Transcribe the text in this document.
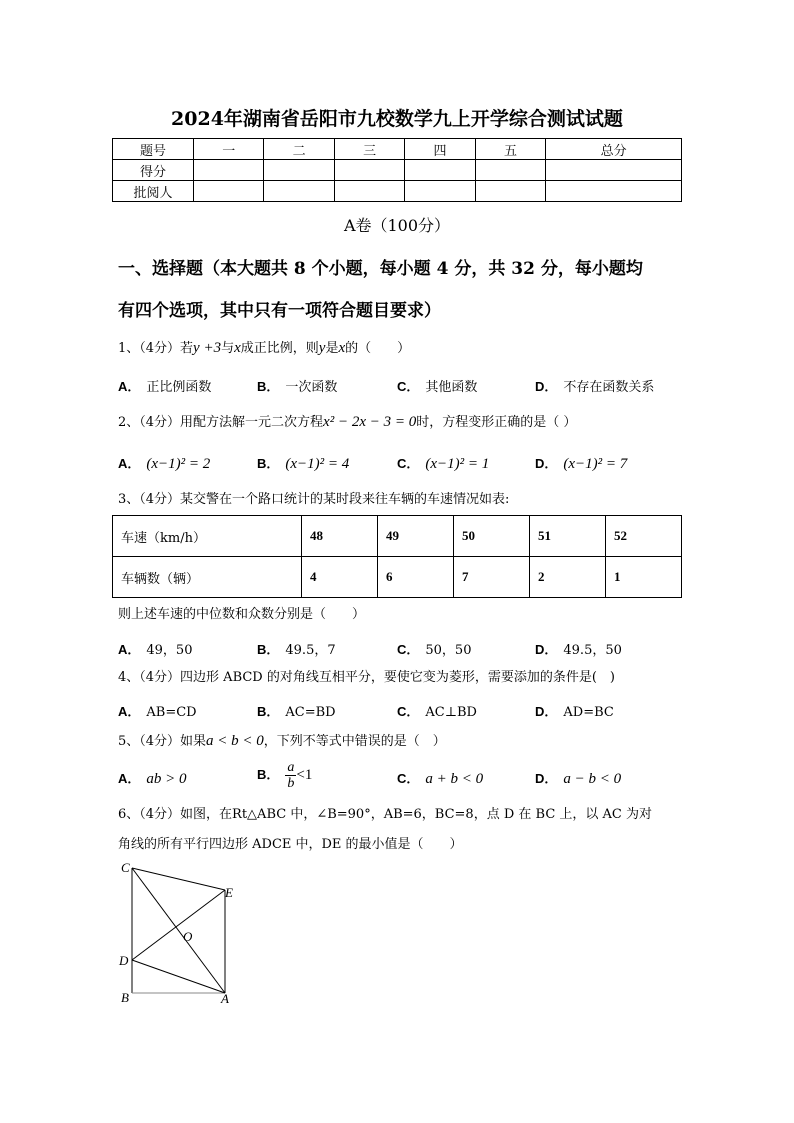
2024年湖南省岳阳市九校数学九上开学综合测试试题
题号	一	二	三	四	五	总分
得分						
批阅人						
A卷（100分）
一、选择题（本大题共 8 个小题，每小题 4 分，共 32 分，每小题均
有四个选项，其中只有一项符合题目要求）
1、（4分）若y +3与x成正比例，则y是x的（　　）
A． 正比例函数	B． 一次函数	C． 其他函数	D． 不存在函数关系
2、（4分）用配方法解一元二次方程x² − 2x − 3 = 0时，方程变形正确的是（ ）
A． (x−1)² = 2	B． (x−1)² = 4	C． (x−1)² = 1	D． (x−1)² = 7
3、（4分）某交警在一个路口统计的某时段来往车辆的车速情况如表:
车速（km/h）	48	49	50	51	52
车辆数（辆）	4	6	7	2	1
则上述车速的中位数和众数分别是（　　）
A． 49，50	B． 49.5，7	C． 50，50	D． 49.5，50
4、（4分）四边形 ABCD 的对角线互相平分，要使它变为菱形，需要添加的条件是(　)
A． AB=CD	B． AC=BD	C． AC⊥BD	D． AD=BC
5、（4分）如果a < b < 0，下列不等式中错误的是（　）
A． ab > 0	B． $\frac{a}{b} <1$	C． a + b < 0	D． a − b < 0
6、（4分）如图，在Rt△ABC 中，∠B=90°，AB=6，BC=8，点 D 在 BC 上，以 AC 为对
角线的所有平行四边形 ADCE 中，DE 的最小值是（　　）
C
E
O
D
B	A
